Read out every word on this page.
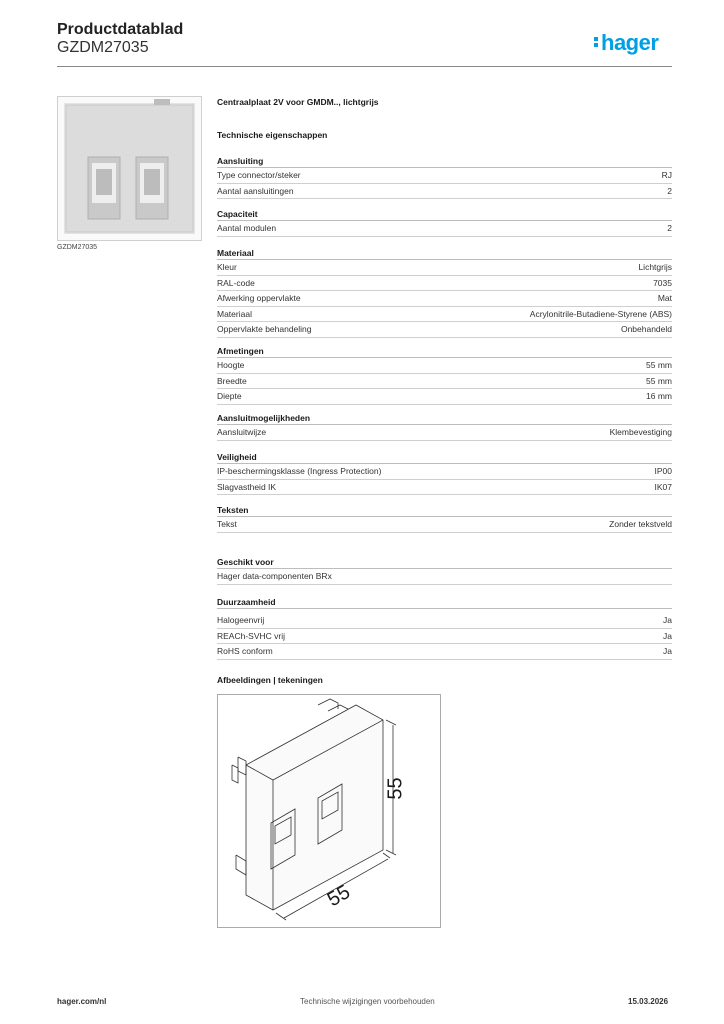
Productdatablad
GZDM27035	hager
GZDM27035
Centraalplaat 2V voor GMDM.., lichtgrijs
Technische eigenschappen
Aansluiting
Type connector/steker	RJ
Aantal aansluitingen	2
Capaciteit
Aantal modulen	2
Materiaal
Kleur	Lichtgrijs
RAL-code	7035
Afwerking oppervlakte	Mat
Materiaal	Acrylonitrile-Butadiene-Styrene (ABS)
Oppervlakte behandeling	Onbehandeld
Afmetingen
Hoogte	55 mm
Breedte	55 mm
Diepte	16 mm
Aansluitmogelijkheden
Aansluitwijze	Klembevestiging
Veiligheid
IP-beschermingsklasse (Ingress Protection)	IP00
Slagvastheid IK	IK07
Teksten
Tekst	Zonder tekstveld
Geschikt voor
Hager data-componenten BRx
Duurzaamheid
Halogeenvrij	Ja
REACh-SVHC vrij	Ja
RoHS conform	Ja
Afbeeldingen | tekeningen
55
55
hager.com/nl	Technische wijzigingen voorbehouden	15.03.2026
